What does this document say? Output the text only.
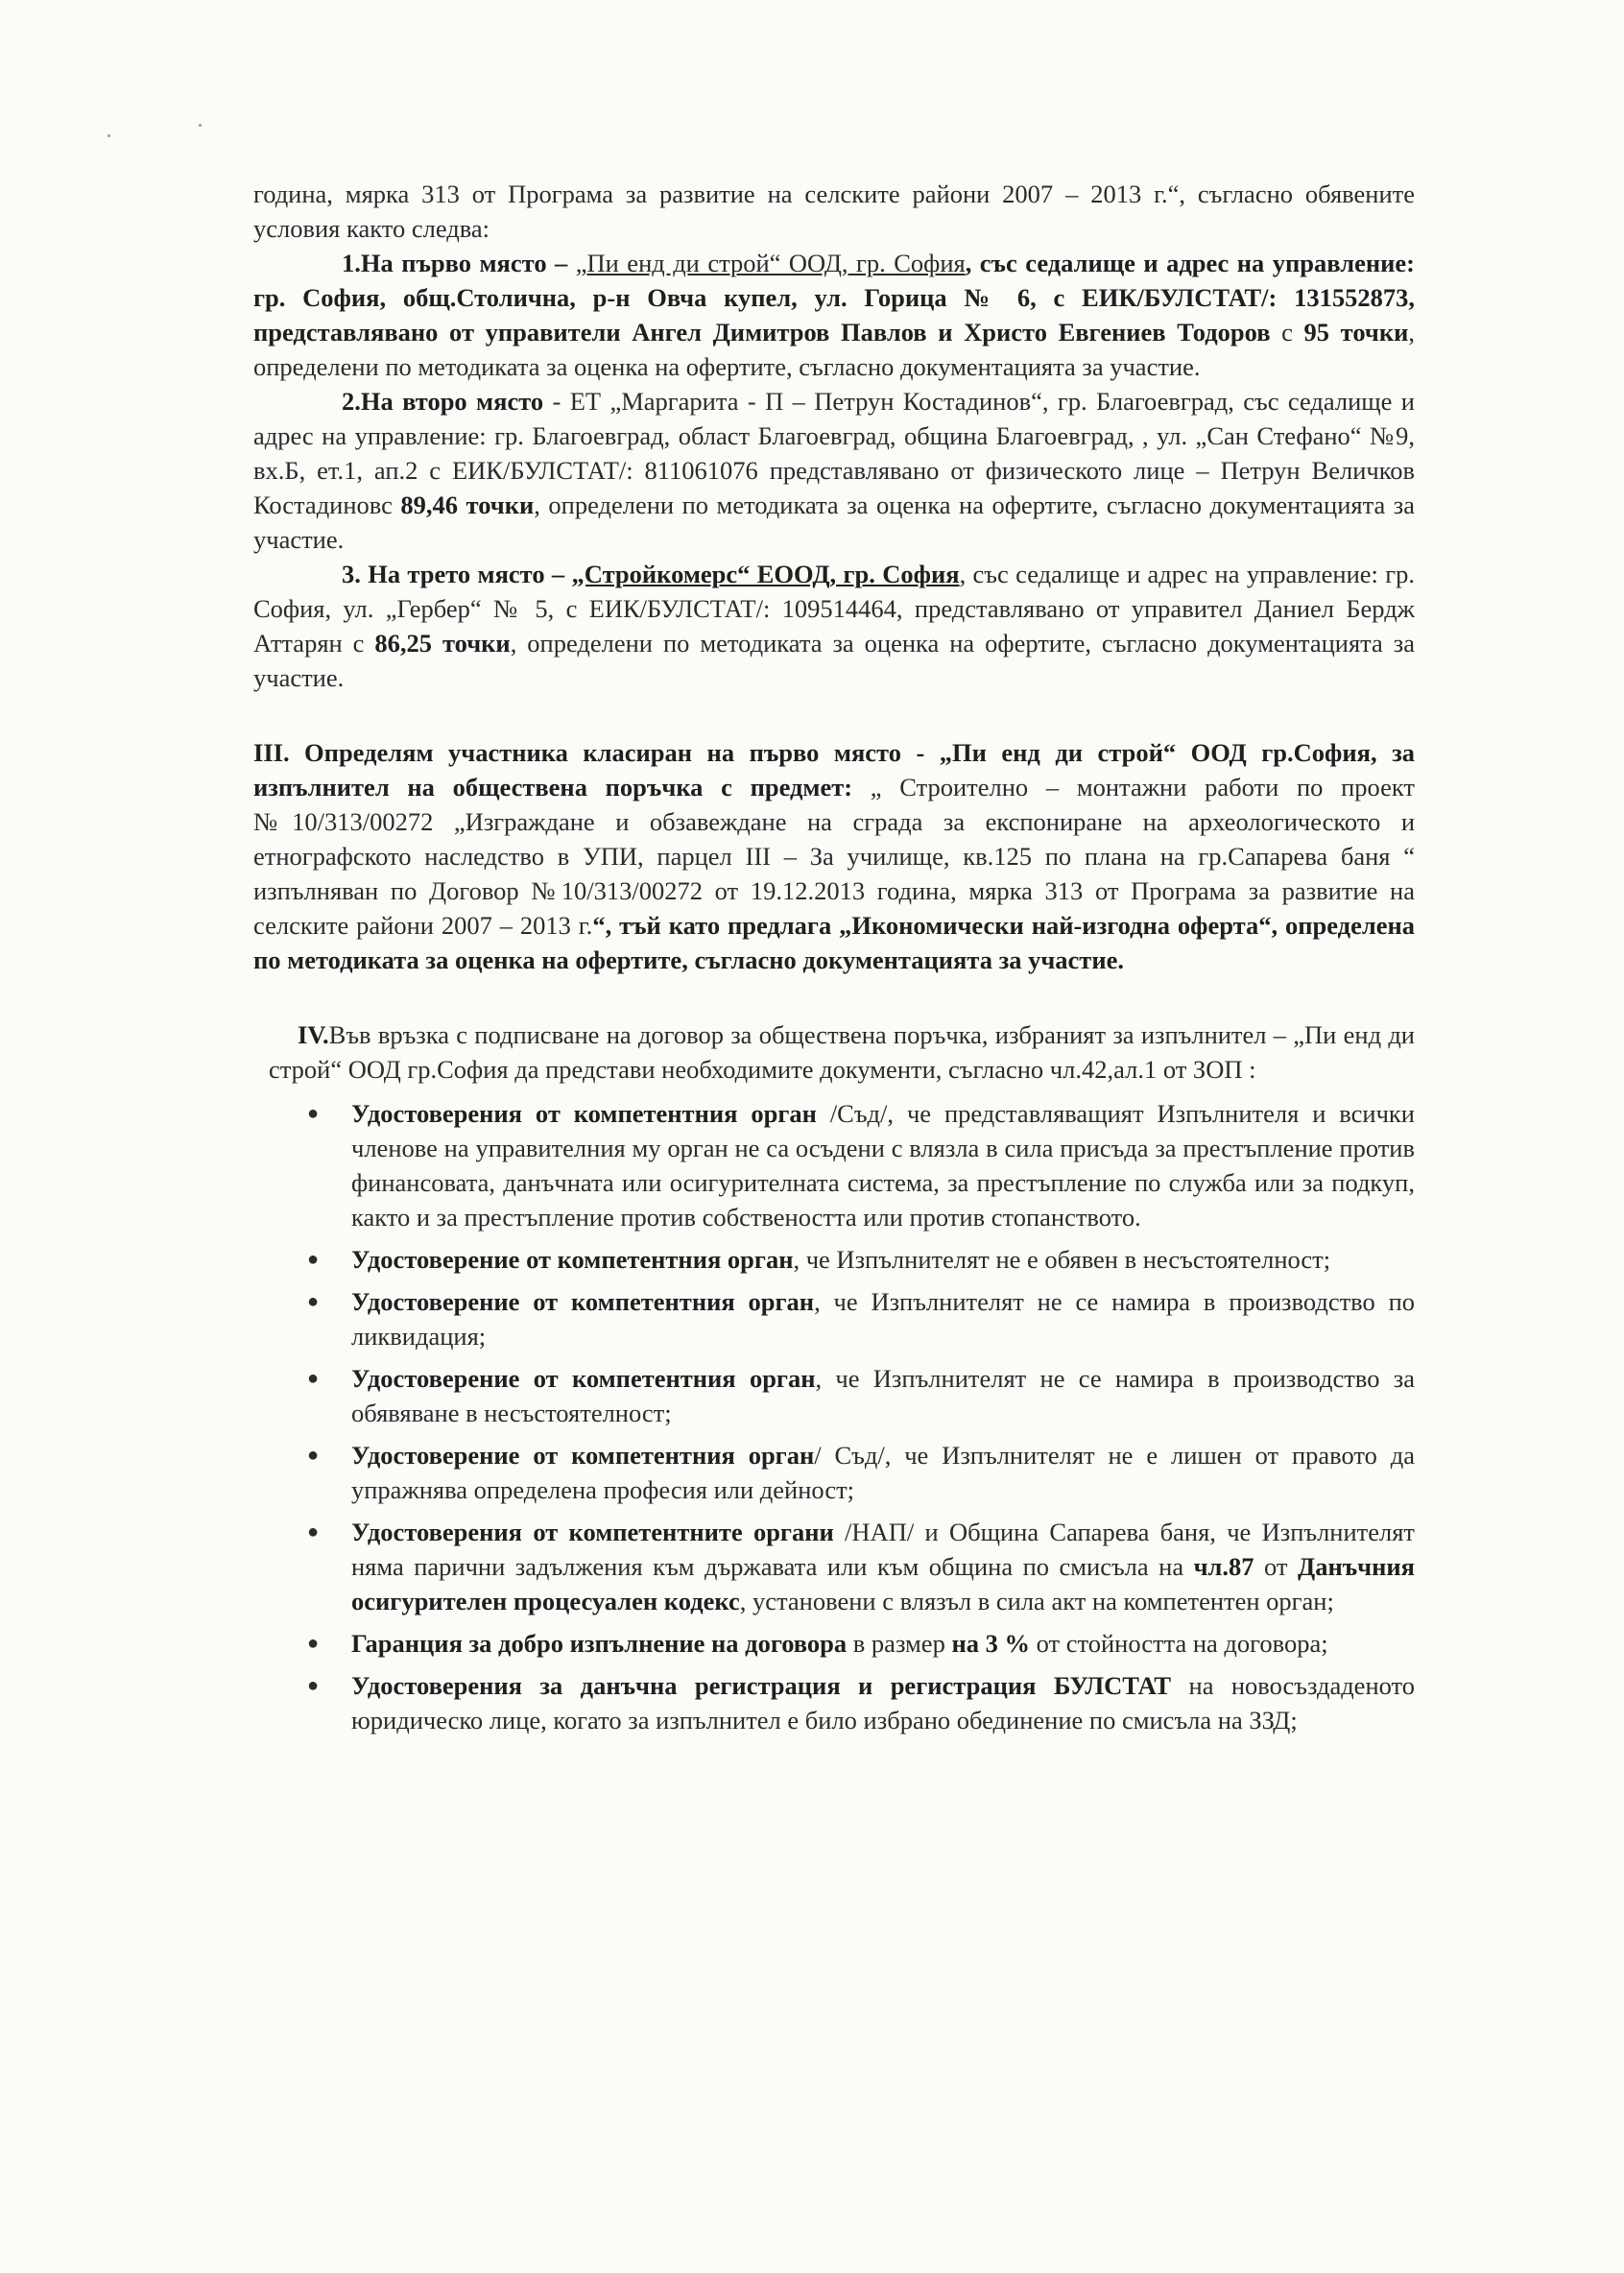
година, мярка 313 от Програма за развитие на селските райони 2007 – 2013 г.“, съгласно обявените условия както следва:

1.На първо място – „Пи енд ди строй“ ООД, гр. София, със седалище и адрес на управление: гр. София, общ.Столична, р-н Овча купел, ул. Горица № 6, с ЕИК/БУЛСТАТ/: 131552873, представлявано от управители Ангел Димитров Павлов и Христо Евгениев Тодоров с 95 точки, определени по методиката за оценка на офертите, съгласно документацията за участие.

2.На второ място - ЕТ „Маргарита - П – Петрун Костадинов“, гр. Благоевград, със седалище и адрес на управление: гр. Благоевград, област Благоевград, община Благоевград, , ул. „Сан Стефано“ №9, вх.Б, ет.1, ап.2 с ЕИК/БУЛСТАТ/: 811061076 представлявано от физическото лице – Петрун Величков Костадиновс 89,46 точки, определени по методиката за оценка на офертите, съгласно документацията за участие.

3. На трето място – „Стройкомерс“ ЕООД, гр. София, със седалище и адрес на управление: гр. София, ул. „Гербер“ № 5, с ЕИК/БУЛСТАТ/: 109514464, представлявано от управител Даниел Бердж Аттарян с 86,25 точки, определени по методиката за оценка на офертите, съгласно документацията за участие.

III. Определям участника класиран на първо място - „Пи енд ди строй“ ООД гр.София, за изпълнител на обществена поръчка с предмет: „ Строително – монтажни работи по проект №10/313/00272 „Изграждане и обзавеждане на сграда за експониране на археологическото и етнографското наследство в УПИ, парцел III – За училище, кв.125 по плана на гр.Сапарева баня “ изпълняван по Договор №10/313/00272 от 19.12.2013 година, мярка 313 от Програма за развитие на селските райони 2007 – 2013 г.“, тъй като предлага „Икономически най-изгодна оферта“, определена по методиката за оценка на офертите, съгласно документацията за участие.

IV.Във връзка с подписване на договор за обществена поръчка, избраният за изпълнител – „Пи енд ди строй“ ООД гр.София да представи необходимите документи, съгласно чл.42,ал.1 от ЗОП :

● Удостоверения от компетентния орган /Съд/, че представляващият Изпълнителя и всички членове на управителния му орган не са осъдени с влязла в сила присъда за престъпление против финансовата, данъчната или осигурителната система, за престъпление по служба или за подкуп, както и за престъпление против собствеността или против стопанството.
● Удостоверение от компетентния орган, че Изпълнителят не е обявен в несъстоятелност;
● Удостоверение от компетентния орган, че Изпълнителят не се намира в производство по ликвидация;
● Удостоверение от компетентния орган, че Изпълнителят не се намира в производство за обявяване в несъстоятелност;
● Удостоверение от компетентния орган/ Съд/, че Изпълнителят не е лишен от правото да упражнява определена професия или дейност;
● Удостоверения от компетентните органи /НАП/ и Община Сапарева баня, че Изпълнителят няма парични задължения към държавата или към община по смисъла на чл.87 от Данъчния осигурителен процесуален кодекс, установени с влязъл в сила акт на компетентен орган;
● Гаранция за добро изпълнение на договора в размер на 3 % от стойността на договора;
● Удостоверения за данъчна регистрация и регистрация БУЛСТАТ на новосъздаденото юридическо лице, когато за изпълнител е било избрано обединение по смисъла на ЗЗД;
